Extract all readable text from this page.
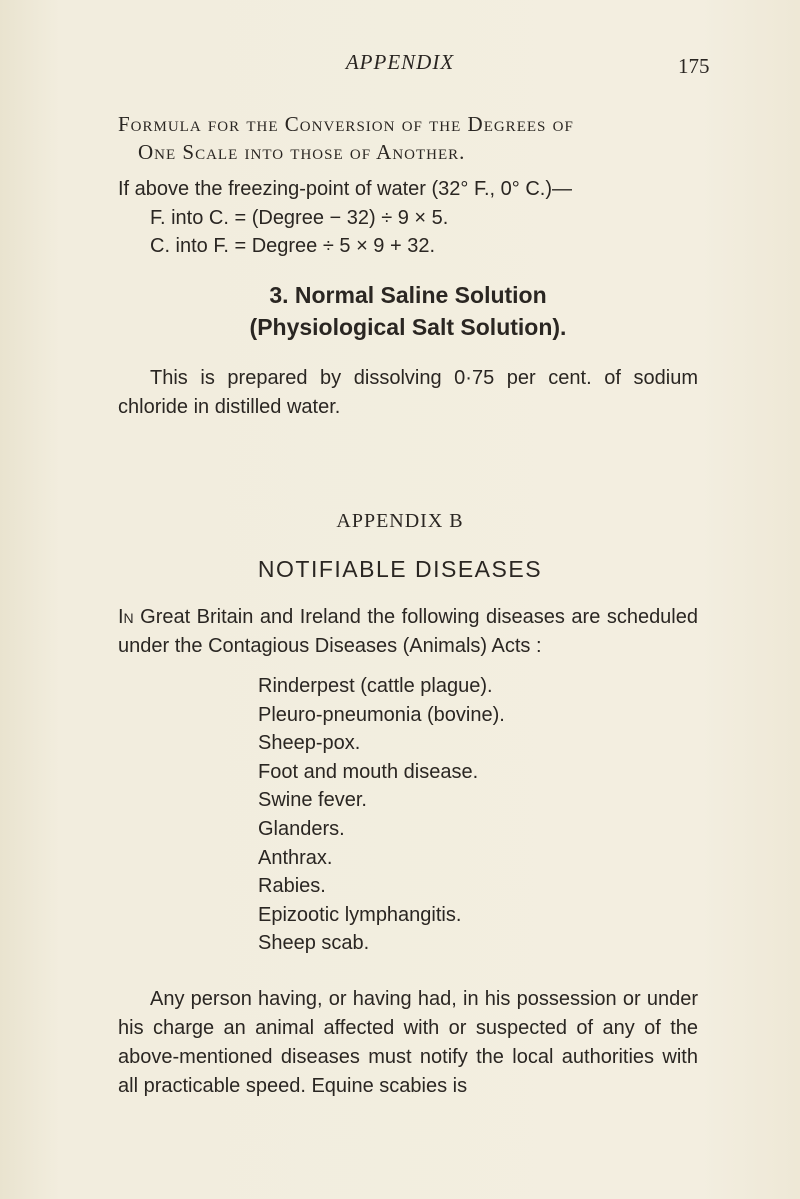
APPENDIX	175

Formula for the Conversion of the Degrees of

One Scale into those of Another.

If above the freezing-point of water (32° F., 0° C.)—

F. into C. = (Degree − 32) ÷ 9 × 5.
C. into F. = Degree ÷ 5 × 9 + 32.

3. Normal Saline Solution

(Physiological Salt Solution).

This is prepared by dissolving 0·75 per cent. of sodium chloride in distilled water.

APPENDIX B
NOTIFIABLE DISEASES

In Great Britain and Ireland the following diseases are scheduled under the Contagious Diseases (Animals) Acts :

Rinderpest (cattle plague).
Pleuro-pneumonia (bovine).
Sheep-pox.
Foot and mouth disease.
Swine fever.
Glanders.
Anthrax.
Rabies.
Epizootic lymphangitis.
Sheep scab.

Any person having, or having had, in his possession or under his charge an animal affected with or suspected of any of the above-mentioned diseases must notify the local authorities with all practicable speed. Equine scabies is
